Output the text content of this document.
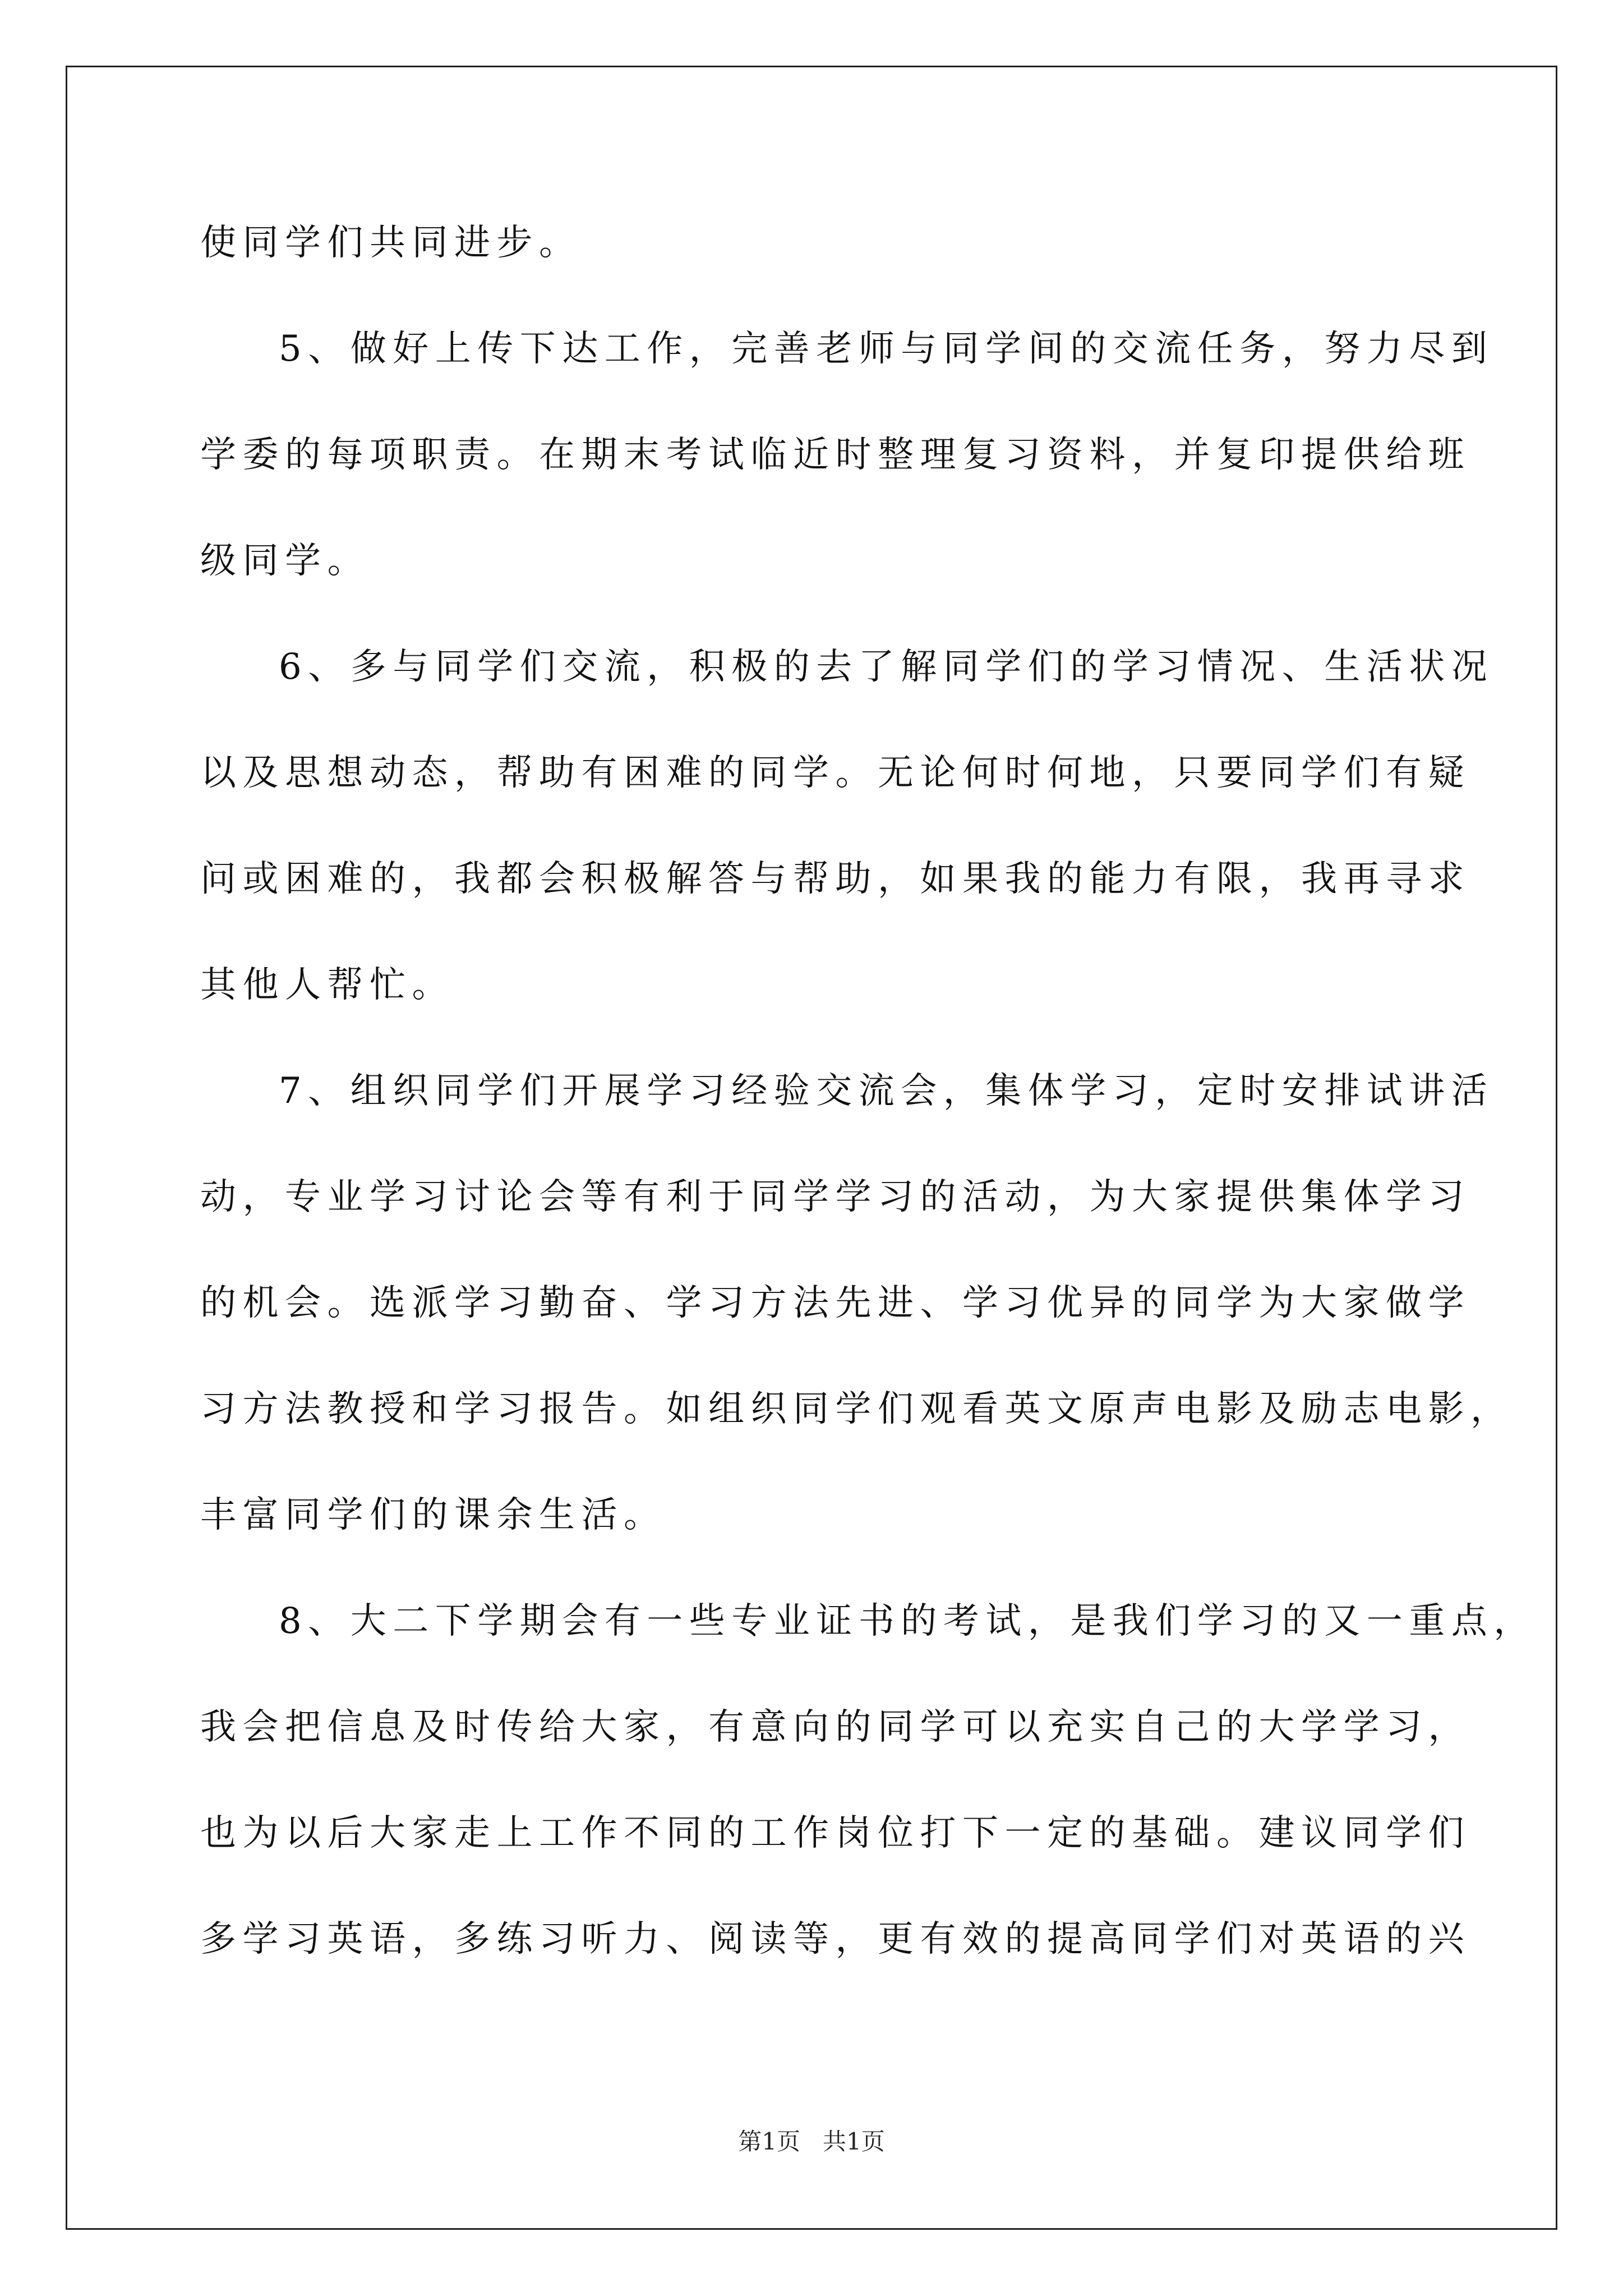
使同学们共同进步。
5、做好上传下达工作，完善老师与同学间的交流任务，努力尽到
学委的每项职责。在期末考试临近时整理复习资料，并复印提供给班
级同学。
6、多与同学们交流，积极的去了解同学们的学习情况、生活状况
以及思想动态，帮助有困难的同学。无论何时何地，只要同学们有疑
问或困难的，我都会积极解答与帮助，如果我的能力有限，我再寻求
其他人帮忙。
7、组织同学们开展学习经验交流会，集体学习，定时安排试讲活
动，专业学习讨论会等有利于同学学习的活动，为大家提供集体学习
的机会。选派学习勤奋、学习方法先进、学习优异的同学为大家做学
习方法教授和学习报告。如组织同学们观看英文原声电影及励志电影，
丰富同学们的课余生活。
8、大二下学期会有一些专业证书的考试，是我们学习的又一重点，
我会把信息及时传给大家，有意向的同学可以充实自己的大学学习，
也为以后大家走上工作不同的工作岗位打下一定的基础。建议同学们
多学习英语，多练习听力、阅读等，更有效的提高同学们对英语的兴
第1页 共1页
